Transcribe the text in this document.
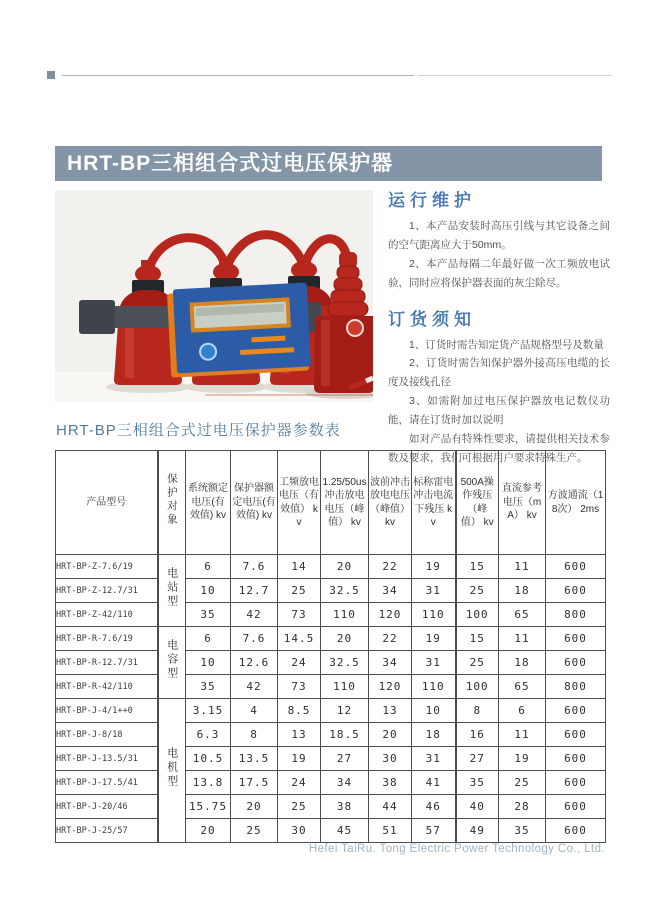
HRT-BP三相组合式过电压保护器
运行维护

1、本产品安装时高压引线与其它设备之间的空气距离应大于50mm。

2、本产品每隔二年最好做一次工频放电试验，同时应将保护器表面的灰尘除尽。

订货须知

1、订货时需告知定货产品规格型号及数量

2、订货时需告知保护器外接高压电缆的长度及接线孔径

3、如需附加过电压保护器放电记数仪功能，请在订货时加以说明

如对产品有特殊性要求，请提供相关技术参数及要求，我们可根据用户要求特殊生产。

HRT-BP三相组合式过电压保护器参数表
产品型号	保护对象	系统额定电压(有效值) kv	保护器额定电压(有效值) kv	工频放电电压（有效值） kv	1.25/50us冲击放电电压（峰值） kv	波前冲击放电电压（峰值） kv	标称雷电冲击电流下残压 kv	500A操作残压（峰值） kv	直流参考电压（mA） kv	方波通流（18次） 2ms
HRT-BP-Z-7.6/19	电站型	6	7.6	14	20	22	19	15	11	600
HRT-BP-Z-12.7/31		10	12.7	25	32.5	34	31	25	18	600
HRT-BP-Z-42/110		35	42	73	110	120	110	100	65	800
HRT-BP-R-7.6/19	电容型	6	7.6	14.5	20	22	19	15	11	600
HRT-BP-R-12.7/31		10	12.6	24	32.5	34	31	25	18	600
HRT-BP-R-42/110		35	42	73	110	120	110	100	65	800
HRT-BP-J-4/1++0	电机型	3.15	4	8.5	12	13	10	8	6	600
HRT-BP-J-8/18		6.3	8	13	18.5	20	18	16	11	600
HRT-BP-J-13.5/31		10.5	13.5	19	27	30	31	27	19	600
HRT-BP-J-17.5/41		13.8	17.5	24	34	38	41	35	25	600
HRT-BP-J-20/46		15.75	20	25	38	44	46	40	28	600
HRT-BP-J-25/57		20	25	30	45	51	57	49	35	600
Hefei TaiRu. Tong Electric Power Technology Co., Ltd.
